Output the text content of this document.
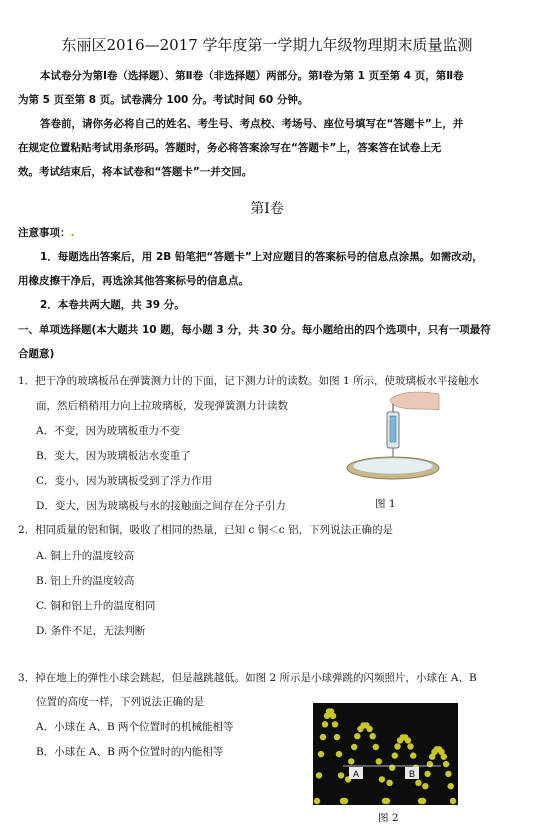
东丽区2016—2017 学年度第一学期九年级物理期末质量监测
本试卷分为第Ⅰ卷（选择题）、第Ⅱ卷（非选择题）两部分。第Ⅰ卷为第 1 页至第 4 页，第Ⅱ卷
为第 5 页至第 8 页。试卷满分 100 分。考试时间 60 分钟。
答卷前，请你务必将自己的姓名、考生号、考点校、考场号、座位号填写在“答题卡”上，并
在规定位置粘贴考试用条形码。答题时，务必将答案涂写在“答题卡”上，答案答在试卷上无
效。考试结束后，将本试卷和“答题卡”一并交回。
第Ⅰ卷
注意事项：.
1．每题选出答案后，用 2B 铅笔把“答题卡”上对应题目的答案标号的信息点涂黑。如需改动，
用橡皮擦干净后，再选涂其他答案标号的信息点。
2．本卷共两大题，共 39 分。
一、单项选择题(本大题共 10 题，每小题 3 分，共 30 分。每小题给出的四个选项中，只有一项最符
合题意)
1．把干净的玻璃板吊在弹簧测力计的下面，记下测力计的读数。如图 1 所示，使玻璃板水平接触水
面，然后稍稍用力向上拉玻璃板，发现弹簧测力计读数
A．不变，因为玻璃板重力不变
B．变大，因为玻璃板沾水变重了
C．变小，因为玻璃板受到了浮力作用
D．变大，因为玻璃板与水的接触面之间存在分子引力	图 1
2．相同质量的铝和铜，吸收了相同的热量，已知 c 铜＜c 铝，下列说法正确的是
A. 铜上升的温度较高
B. 铝上升的温度较高
C. 铜和铝上升的温度相同
D. 条件不足，无法判断
3．掉在地上的弹性小球会跳起，但是越跳越低。如图 2 所示是小球弹跳的闪频照片，小球在 A、B
位置的高度一样，下列说法正确的是
A．小球在 A、B 两个位置时的机械能相等
B．小球在 A、B 两个位置时的内能相等
A	B
图 2
